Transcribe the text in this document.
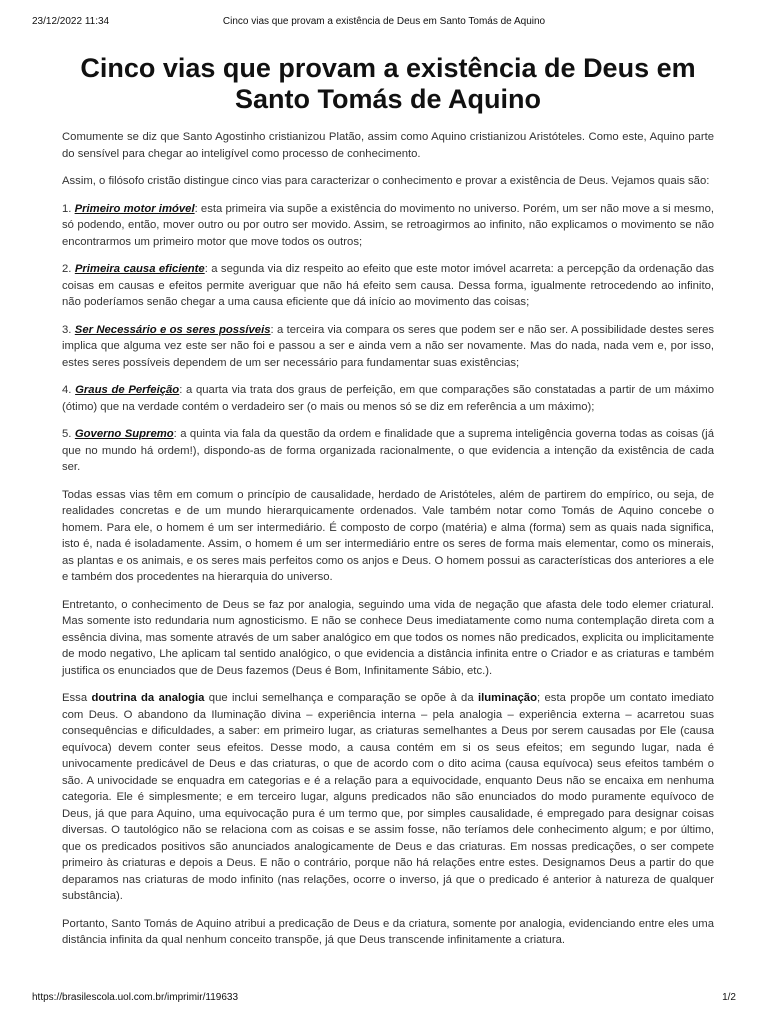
23/12/2022 11:34	Cinco vias que provam a existência de Deus em Santo Tomás de Aquino
Cinco vias que provam a existência de Deus em Santo Tomás de Aquino

Comumente se diz que Santo Agostinho cristianizou Platão, assim como Aquino cristianizou Aristóteles. Como este, Aquino parte do sensível para chegar ao inteligível como processo de conhecimento.

Assim, o filósofo cristão distingue cinco vias para caracterizar o conhecimento e provar a existência de Deus. Vejamos quais são:

1. Primeiro motor imóvel: esta primeira via supõe a existência do movimento no universo. Porém, um ser não move a si mesmo, só podendo, então, mover outro ou por outro ser movido. Assim, se retroagirmos ao infinito, não explicamos o movimento se não encontrarmos um primeiro motor que move todos os outros;

2. Primeira causa eficiente: a segunda via diz respeito ao efeito que este motor imóvel acarreta: a percepção da ordenação das coisas em causas e efeitos permite averiguar que não há efeito sem causa. Dessa forma, igualmente retrocedendo ao infinito, não poderíamos senão chegar a uma causa eficiente que dá início ao movimento das coisas;

3. Ser Necessário e os seres possíveis: a terceira via compara os seres que podem ser e não ser. A possibilidade destes seres implica que alguma vez este ser não foi e passou a ser e ainda vem a não ser novamente. Mas do nada, nada vem e, por isso, estes seres possíveis dependem de um ser necessário para fundamentar suas existências;

4. Graus de Perfeição: a quarta via trata dos graus de perfeição, em que comparações são constatadas a partir de um máximo (ótimo) que na verdade contém o verdadeiro ser (o mais ou menos só se diz em referência a um máximo);

5. Governo Supremo: a quinta via fala da questão da ordem e finalidade que a suprema inteligência governa todas as coisas (já que no mundo há ordem!), dispondo-as de forma organizada racionalmente, o que evidencia a intenção da existência de cada ser.

Todas essas vias têm em comum o princípio de causalidade, herdado de Aristóteles, além de partirem do empírico, ou seja, de realidades concretas e de um mundo hierarquicamente ordenados. Vale também notar como Tomás de Aquino concebe o homem. Para ele, o homem é um ser intermediário. É composto de corpo (matéria) e alma (forma) sem as quais nada significa, isto é, nada é isoladamente. Assim, o homem é um ser intermediário entre os seres de forma mais elementar, como os minerais, as plantas e os animais, e os seres mais perfeitos como os anjos e Deus. O homem possui as características dos anteriores a ele e também dos procedentes na hierarquia do universo.

Entretanto, o conhecimento de Deus se faz por analogia, seguindo uma vida de negação que afasta dele todo elemer criatural. Mas somente isto redundaria num agnosticismo. E não se conhece Deus imediatamente como numa contemplação direta com a essência divina, mas somente através de um saber analógico em que todos os nomes não predicados, explicita ou implicitamente de modo negativo, Lhe aplicam tal sentido analógico, o que evidencia a distância infinita entre o Criador e as criaturas e também justifica os enunciados que de Deus fazemos (Deus é Bom, Infinitamente Sábio, etc.).

Essa doutrina da analogia que inclui semelhança e comparação se opõe à da iluminação; esta propõe um contato imediato com Deus. O abandono da Iluminação divina – experiência interna – pela analogia – experiência externa – acarretou suas consequências e dificuldades, a saber: em primeiro lugar, as criaturas semelhantes a Deus por serem causadas por Ele (causa equívoca) devem conter seus efeitos. Desse modo, a causa contém em si os seus efeitos; em segundo lugar, nada é univocamente predicável de Deus e das criaturas, o que de acordo com o dito acima (causa equívoca) seus efeitos também o são. A univocidade se enquadra em categorias e é a relação para a equivocidade, enquanto Deus não se encaixa em nenhuma categoria. Ele é simplesmente; e em terceiro lugar, alguns predicados não são enunciados do modo puramente equívoco de Deus, já que para Aquino, uma equivocação pura é um termo que, por simples causalidade, é empregado para designar coisas diversas. O tautológico não se relaciona com as coisas e se assim fosse, não teríamos dele conhecimento algum; e por último, que os predicados positivos são anunciados analogicamente de Deus e das criaturas. Em nossas predicações, o ser compete primeiro às criaturas e depois a Deus. E não o contrário, porque não há relações entre estes. Designamos Deus a partir do que deparamos nas criaturas de modo infinito (nas relações, ocorre o inverso, já que o predicado é anterior à natureza de qualquer substância).

Portanto, Santo Tomás de Aquino atribui a predicação de Deus e da criatura, somente por analogia, evidenciando entre eles uma distância infinita da qual nenhum conceito transpõe, já que Deus transcende infinitamente a criatura.

https://brasilescola.uol.com.br/imprimir/119633	1/2
